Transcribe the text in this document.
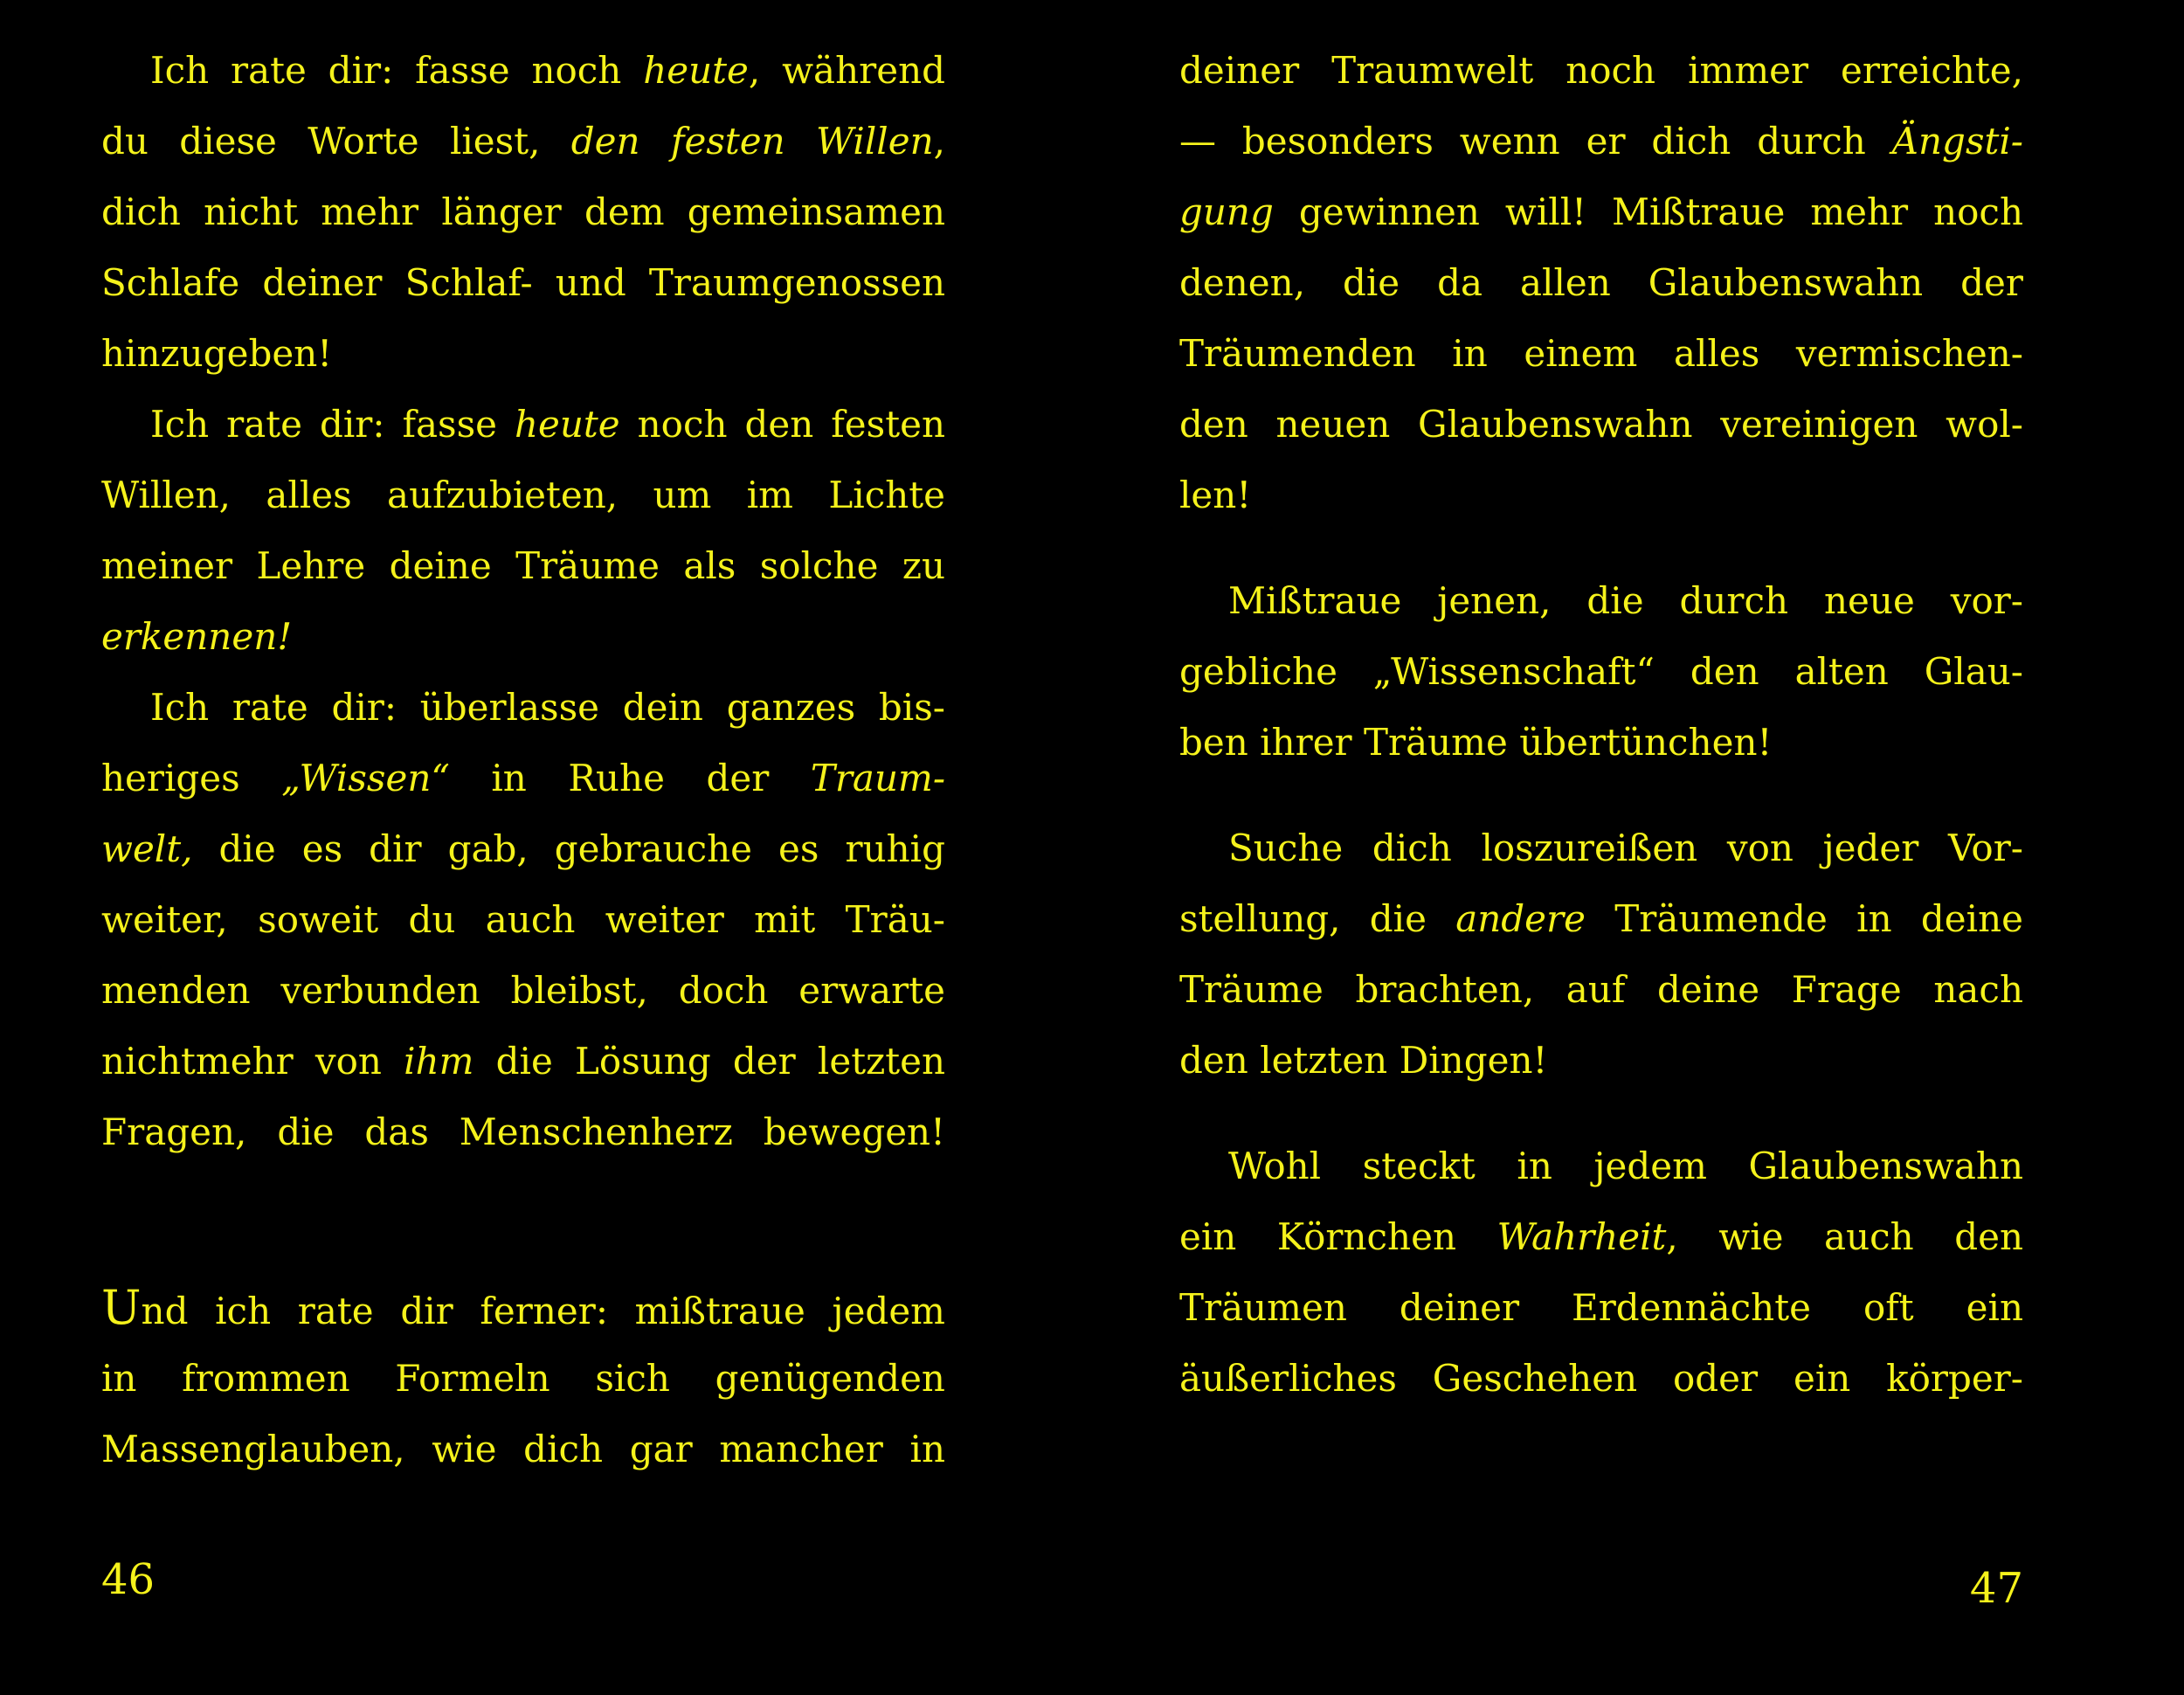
Ich rate dir: fasse noch heute, während
du diese Worte liest, den festen Willen,
dich nicht mehr länger dem gemeinsamen
Schlafe deiner Schlaf- und Traumgenossen
hinzugeben!
Ich rate dir: fasse heute noch den festen
Willen, alles aufzubieten, um im Lichte
meiner Lehre deine Träume als solche zu
erkennen!
Ich rate dir: überlasse dein ganzes bis-
heriges „Wissen“ in Ruhe der Traum-
welt, die es dir gab, gebrauche es ruhig
weiter, soweit du auch weiter mit Träu-
menden verbunden bleibst, doch erwarte
nichtmehr von ihm die Lösung der letzten
Fragen, die das Menschenherz bewegen!
Und ich rate dir ferner: mißtraue jedem
in frommen Formeln sich genügenden
Massenglauben, wie dich gar mancher in
46
deiner Traumwelt noch immer erreichte,
— besonders wenn er dich durch Ängsti-
gung gewinnen will! Mißtraue mehr noch
denen, die da allen Glaubenswahn der
Träumenden in einem alles vermischen-
den neuen Glaubenswahn vereinigen wol-
len!
Mißtraue jenen, die durch neue vor-
gebliche „Wissenschaft“ den alten Glau-
ben ihrer Träume übertünchen!
Suche dich loszureißen von jeder Vor-
stellung, die andere Träumende in deine
Träume brachten, auf deine Frage nach
den letzten Dingen!
Wohl steckt in jedem Glaubenswahn
ein Körnchen Wahrheit, wie auch den
Träumen deiner Erdennächte oft ein
äußerliches Geschehen oder ein körper-
47
